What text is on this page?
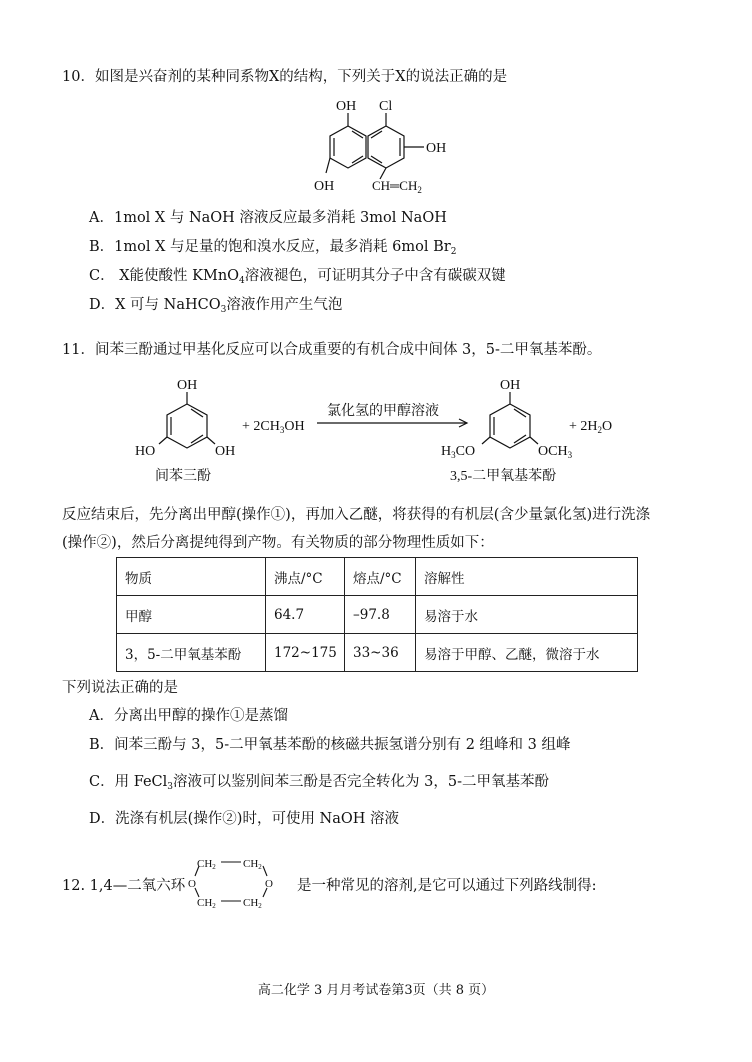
10．如图是兴奋剂的某种同系物X的结构，下列关于X的说法正确的是
OH Cl
OH
OH	$CH═CH_2$
A．1mol X 与 NaOH 溶液反应最多消耗 3mol NaOH
B．1mol X 与足量的饱和溴水反应，最多消耗 6mol $Br_2$
C． X能使酸性 KMnO$_4$溶液褪色，可证明其分子中含有碳碳双键
D．X 可与 NaHCO$_3$溶液作用产生气泡
11．间苯三酚通过甲基化反应可以合成重要的有机合成中间体 3，5-二甲氧基苯酚。
OH
HO	OH
+ $2CH_3OH$
氯化氢的甲醇溶液
OH
$H_3CO$	$OCH_3$
+ $2H_2O$
间苯三酚	3,5-二甲氧基苯酚
反应结束后，先分离出甲醇(操作①)，再加入乙醚，将获得的有机层(含少量氯化氢)进行洗涤
(操作②)，然后分离提纯得到产物。有关物质的部分物理性质如下：
物质	沸点/°C	熔点/°C	溶解性
甲醇	64.7	–97.8	易溶于水
3，5-二甲氧基苯酚	172~175	33~36	易溶于甲醇、乙醚，微溶于水
下列说法正确的是
A．分离出甲醇的操作①是蒸馏
B．间苯三酚与 3，5-二甲氧基苯酚的核磁共振氢谱分别有 2 组峰和 3 组峰
C．用 FeCl$_3$溶液可以鉴别间苯三酚是否完全转化为 3，5-二甲氧基苯酚
D．洗涤有机层(操作②)时，可使用 NaOH 溶液
12. 1,4—二氧六环
CH2 CH2
O	O
CH2 CH2
是一种常见的溶剂,是它可以通过下列路线制得:
高二化学 3 月月考试卷第3页（共 8 页）
